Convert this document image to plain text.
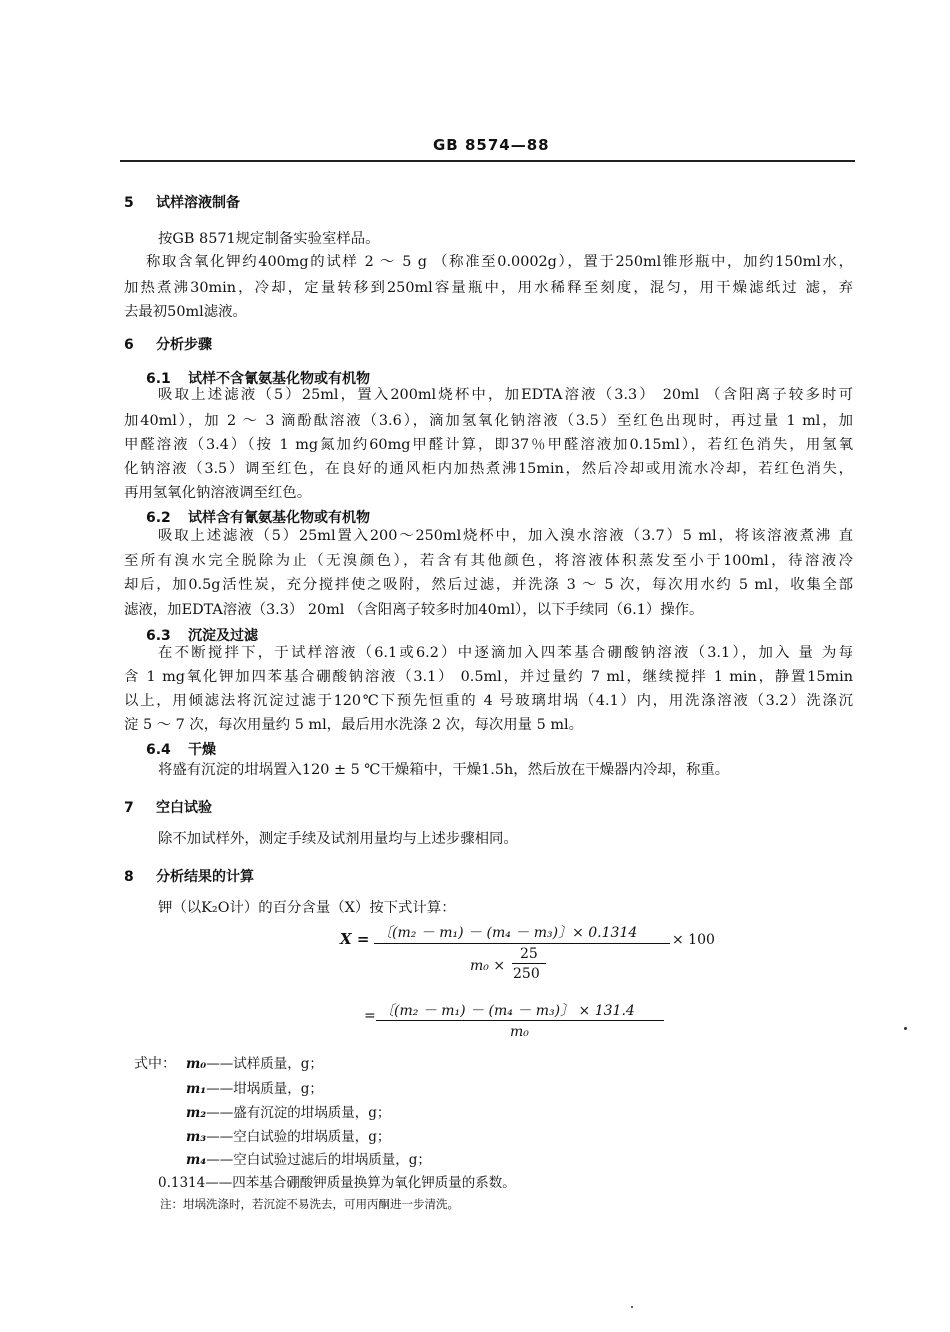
GB 8574—88
5 试样溶液制备
按GB 8571规定制备实验室样品。
称取含氧化钾约400mg的试样 2 ～ 5 g （称准至0.0002g），置于250ml锥形瓶中，加约150ml水，
加热煮沸30min，冷却，定量转移到250ml容量瓶中，用水稀释至刻度，混匀，用干燥滤纸过 滤，弃
去最初50ml滤液。
6 分析步骤
6.1 试样不含氰氨基化物或有机物
吸取上述滤液（5）25ml，置入200ml烧杯中，加EDTA溶液（3.3） 20ml （含阳离子较多时可
加40ml），加 2 ～ 3 滴酚酞溶液（3.6），滴加氢氧化钠溶液（3.5）至红色出现时，再过量 1 ml，加
甲醛溶液（3.4）（按 1 mg氮加约60mg甲醛计算，即37％甲醛溶液加0.15ml），若红色消失，用氢氧
化钠溶液（3.5）调至红色，在良好的通风柜内加热煮沸15min，然后冷却或用流水冷却，若红色消失，
再用氢氧化钠溶液调至红色。
6.2 试样含有氰氨基化物或有机物
吸取上述滤液（5）25ml置入200～250ml烧杯中，加入溴水溶液（3.7）5 ml，将该溶液煮沸 直
至所有溴水完全脱除为止（无溴颜色），若含有其他颜色，将溶液体积蒸发至小于100ml，待溶液冷
却后，加0.5g活性炭，充分搅拌使之吸附，然后过滤，并洗涤 3 ～ 5 次，每次用水约 5 ml，收集全部
滤液，加EDTA溶液（3.3） 20ml （含阳离子较多时加40ml），以下手续同（6.1）操作。
6.3 沉淀及过滤
在不断搅拌下，于试样溶液（6.1或6.2）中逐滴加入四苯基合硼酸钠溶液（3.1），加入 量 为每
含 1 mg氧化钾加四苯基合硼酸钠溶液（3.1） 0.5ml，并过量约 7 ml，继续搅拌 1 min，静置15min
以上，用倾滤法将沉淀过滤于120℃下预先恒重的 4 号玻璃坩埚（4.1）内，用洗涤溶液（3.2）洗涤沉
淀 5 ～ 7 次，每次用量约 5 ml，最后用水洗涤 2 次，每次用量 5 ml。
6.4 干燥
将盛有沉淀的坩埚置入120 ± 5 ℃干燥箱中，干燥1.5h，然后放在干燥器内冷却，称重。
7 空白试验
除不加试样外，测定手续及试剂用量均与上述步骤相同。
8 分析结果的计算
钾（以K₂O计）的百分含量（X）按下式计算：
X = 〔(m₂ － m₁) － (m₄ － m₃)〕× 0.1314 × 100
m₀ ×
25
250
= 〔(m₂ － m₁) － (m₄ － m₃)〕 × 131.4
m₀
式中： m₀——试样质量，g；
m₁——坩埚质量，g；
m₂——盛有沉淀的坩埚质量，g；
m₃——空白试验的坩埚质量，g；
m₄——空白试验过滤后的坩埚质量，g；
0.1314——四苯基合硼酸钾质量换算为氧化钾质量的系数。
注：坩埚洗涤时，若沉淀不易洗去，可用丙酮进一步清洗。
